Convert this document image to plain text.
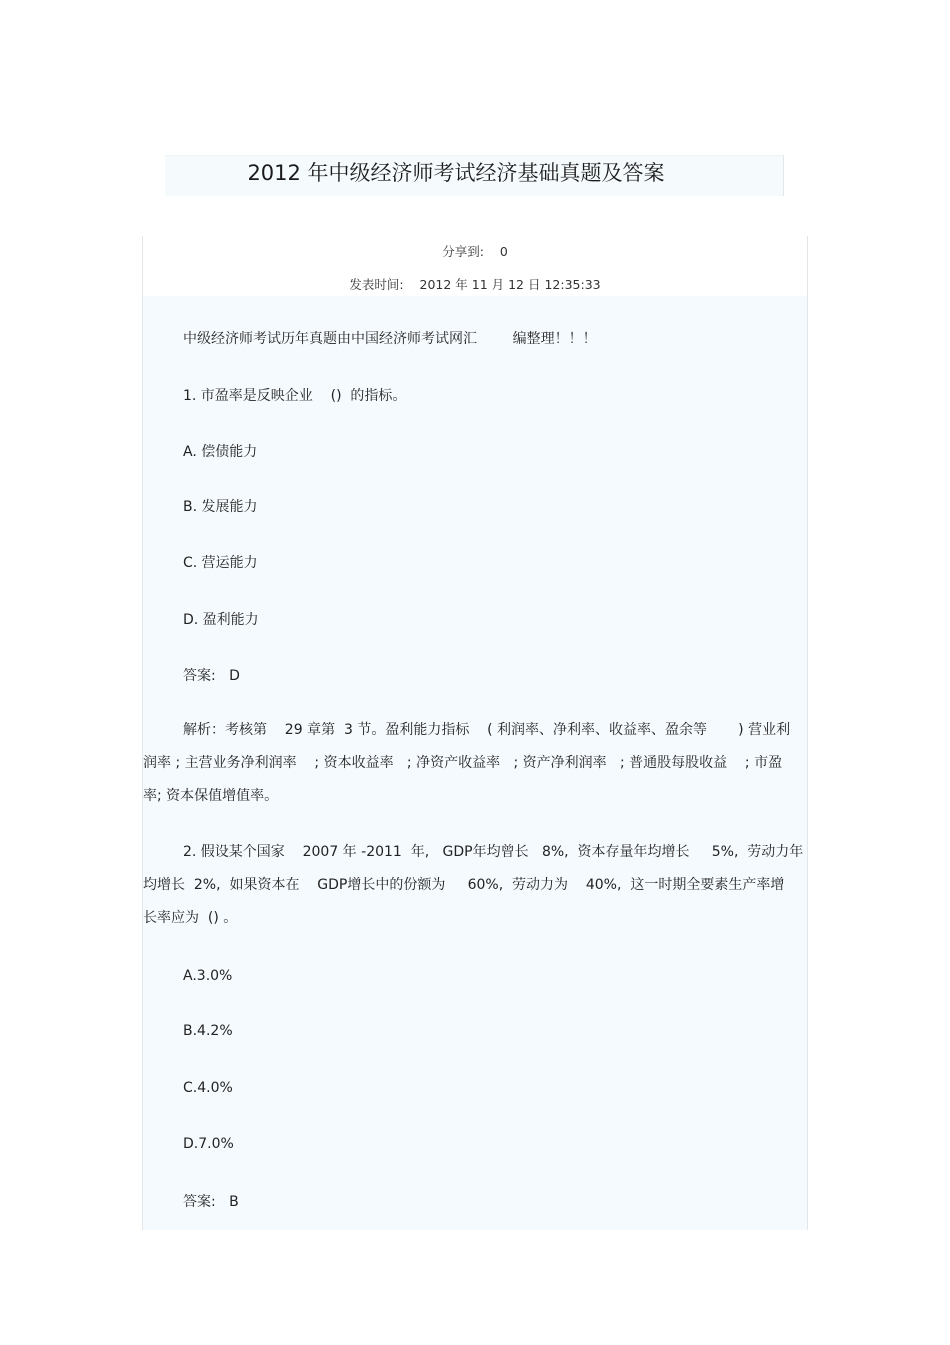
2012 年中级经济师考试经济基础真题及答案
分享到:    0
发表时间:    2012 年 11 月 12 日 12:35:33
中级经济师考试历年真题由中国经济师考试网汇        编整理！！！
1. 市盈率是反映企业    ()  的指标。
A. 偿债能力
B. 发展能力
C. 营运能力
D. 盈利能力
答案:   D
解析：考核第    29 章第  3 节。盈利能力指标    ( 利润率、净利率、收益率、盈余等       ) 营业利
润率 ; 主营业务净利润率    ; 资本收益率   ; 净资产收益率   ; 资产净利润率   ; 普通股每股收益    ; 市盈
率; 资本保值增值率。
2. 假设某个国家    2007 年 -2011  年,   GDP年均曾长   8%,  资本存量年均增长     5%,  劳动力年
均增长  2%,  如果资本在    GDP增长中的份额为     60%,  劳动力为    40%,  这一时期全要素生产率增
长率应为  () 。
A.3.0%
B.4.2%
C.4.0%
D.7.0%
答案:   B
